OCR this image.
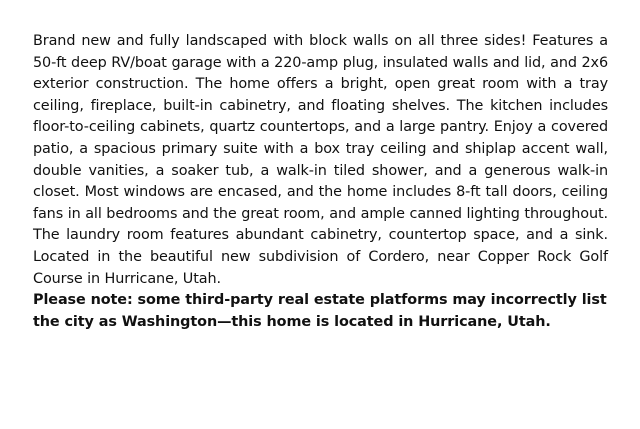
Brand new and fully landscaped with block walls on all three sides! Features a 50-ft deep RV/boat garage with a 220-amp plug, insulated walls and lid, and 2x6 exterior construction. The home offers a bright, open great room with a tray ceiling, fireplace, built-in cabinetry, and floating shelves. The kitchen includes floor-to-ceiling cabinets, quartz countertops, and a large pantry. Enjoy a covered patio, a spacious primary suite with a box tray ceiling and shiplap accent wall, double vanities, a soaker tub, a walk-in tiled shower, and a generous walk-in closet. Most windows are encased, and the home includes 8-ft tall doors, ceiling fans in all bedrooms and the great room, and ample canned lighting throughout. The laundry room features abundant cabinetry, countertop space, and a sink. Located in the beautiful new subdivision of Cordero, near Copper Rock Golf Course in Hurricane, Utah.

Please note: some third-party real estate platforms may incorrectly list the city as Washington—this home is located in Hurricane, Utah.
